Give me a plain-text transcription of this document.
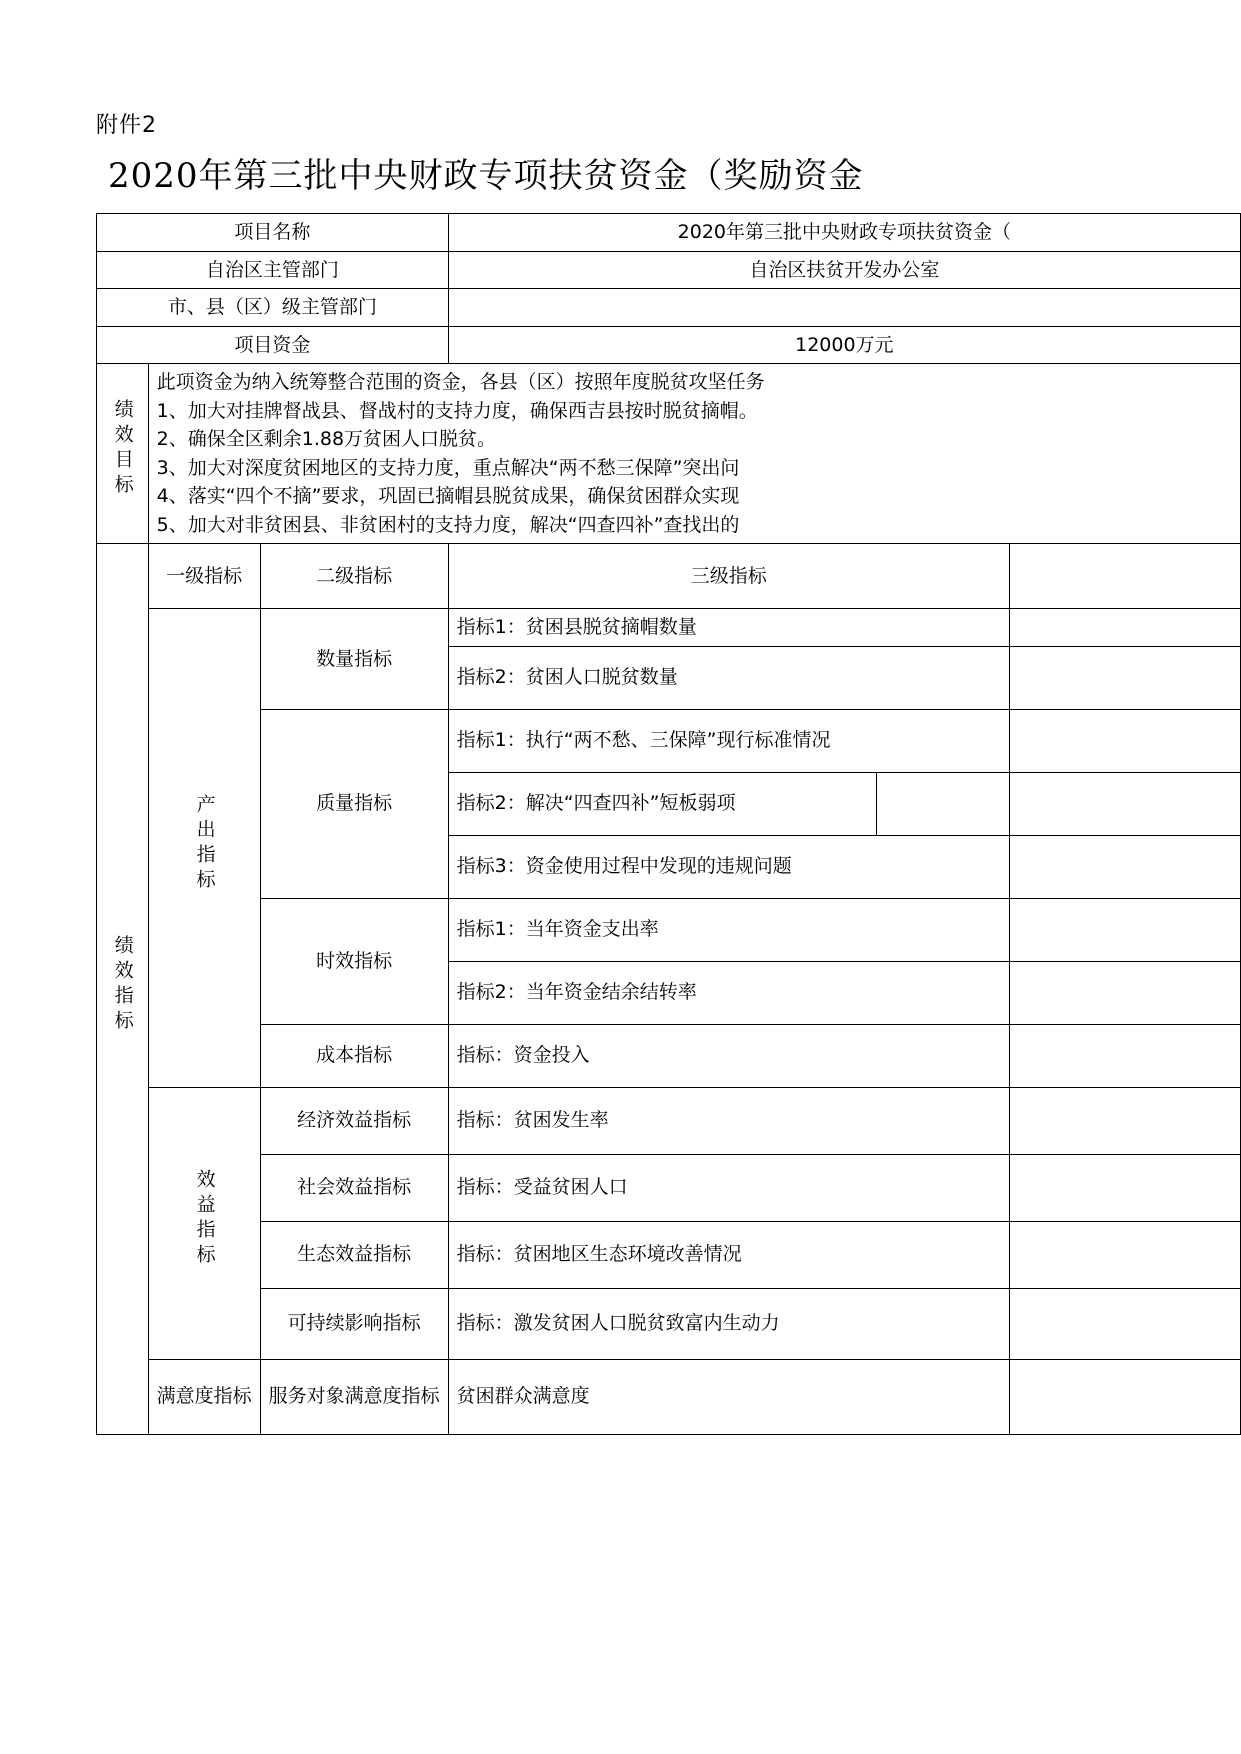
附件2
2020年第三批中央财政专项扶贫资金（奖励资金
项目名称			2020年第三批中央财政专项扶贫资金（		
自治区主管部门			自治区扶贫开发办公室		
市、县（区）级主管部门					
项目资金			12000万元		
绩效目标	
此项资金为纳入统筹整合范围的资金，各县（区）按照年度脱贫攻坚任务
1、加大对挂牌督战县、督战村的支持力度，确保西吉县按时脱贫摘帽。
2、确保全区剩余1.88万贫困人口脱贫。
3、加大对深度贫困地区的支持力度，重点解决“两不愁三保障”突出问
4、落实“四个不摘”要求，巩固已摘帽县脱贫成果，确保贫困群众实现
5、加大对非贫困县、非贫困村的支持力度，解决“四查四补”查找出的

绩效指标	一级指标	二级指标	三级指标		
	产出指标	数量指标	指标1：贫困县脱贫摘帽数量		
			指标2：贫困人口脱贫数量		
		质量指标	指标1：执行“两不愁、三保障”现行标准情况		
			指标2：解决“四查四补”短板弱项		
			指标3：资金使用过程中发现的违规问题		
		时效指标	指标1：当年资金支出率		
			指标2：当年资金结余结转率		
		成本指标	指标：资金投入		
	效益指标	经济效益指标	指标：贫困发生率		
		社会效益指标	指标：受益贫困人口		
		生态效益指标	指标：贫困地区生态环境改善情况		
		可持续影响指标	指标：激发贫困人口脱贫致富内生动力		
	满意度指标	服务对象满意度指标	贫困群众满意度		
